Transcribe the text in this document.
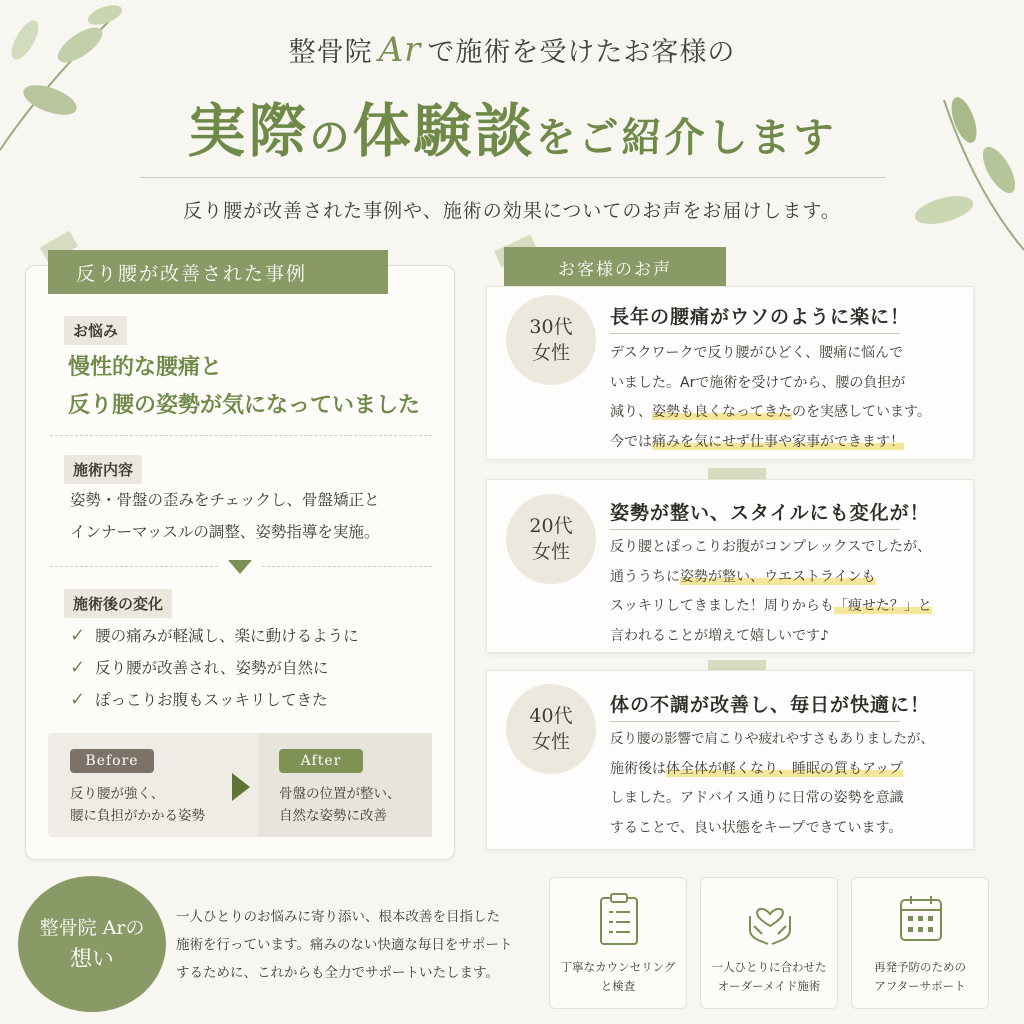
整骨院 Ar で施術を受けたお客様の
実際の体験談をご紹介します
反り腰が改善された事例や、施術の効果についてのお声をお届けします。
反り腰が改善された事例
お悩み
慢性的な腰痛と
反り腰の姿勢が気になっていました
施術内容
姿勢・骨盤の歪みをチェックし、骨盤矯正と
インナーマッスルの調整、姿勢指導を実施。
施術後の変化
✓ 腰の痛みが軽減し、楽に動けるように
✓ 反り腰が改善され、姿勢が自然に
✓ ぽっこりお腹もスッキリしてきた
Before
反り腰が強く、
腰に負担がかかる姿勢
After
骨盤の位置が整い、
自然な姿勢に改善
お客様のお声
30代
女性
長年の腰痛がウソのように楽に！
デスクワークで反り腰がひどく、腰痛に悩んで
いました。Arで施術を受けてから、腰の負担が
減り、姿勢も良くなってきたのを実感しています。
今では痛みを気にせず仕事や家事ができます！
20代
女性
姿勢が整い、スタイルにも変化が！
反り腰とぽっこりお腹がコンプレックスでしたが、
通ううちに姿勢が整い、ウエストラインも
スッキリしてきました！周りからも「痩せた？」と
言われることが増えて嬉しいです♪
40代
女性
体の不調が改善し、毎日が快適に！
反り腰の影響で肩こりや疲れやすさもありましたが、
施術後は体全体が軽くなり、睡眠の質もアップ
しました。アドバイス通りに日常の姿勢を意識
することで、良い状態をキープできています。
整骨院 Arの
想い
一人ひとりのお悩みに寄り添い、根本改善を目指した
施術を行っています。痛みのない快適な毎日をサポート
するために、これからも全力でサポートいたします。	丁寧なカウンセリング
と検査
一人ひとりに合わせた
オーダーメイド施術
再発予防のための
アフターサポート
